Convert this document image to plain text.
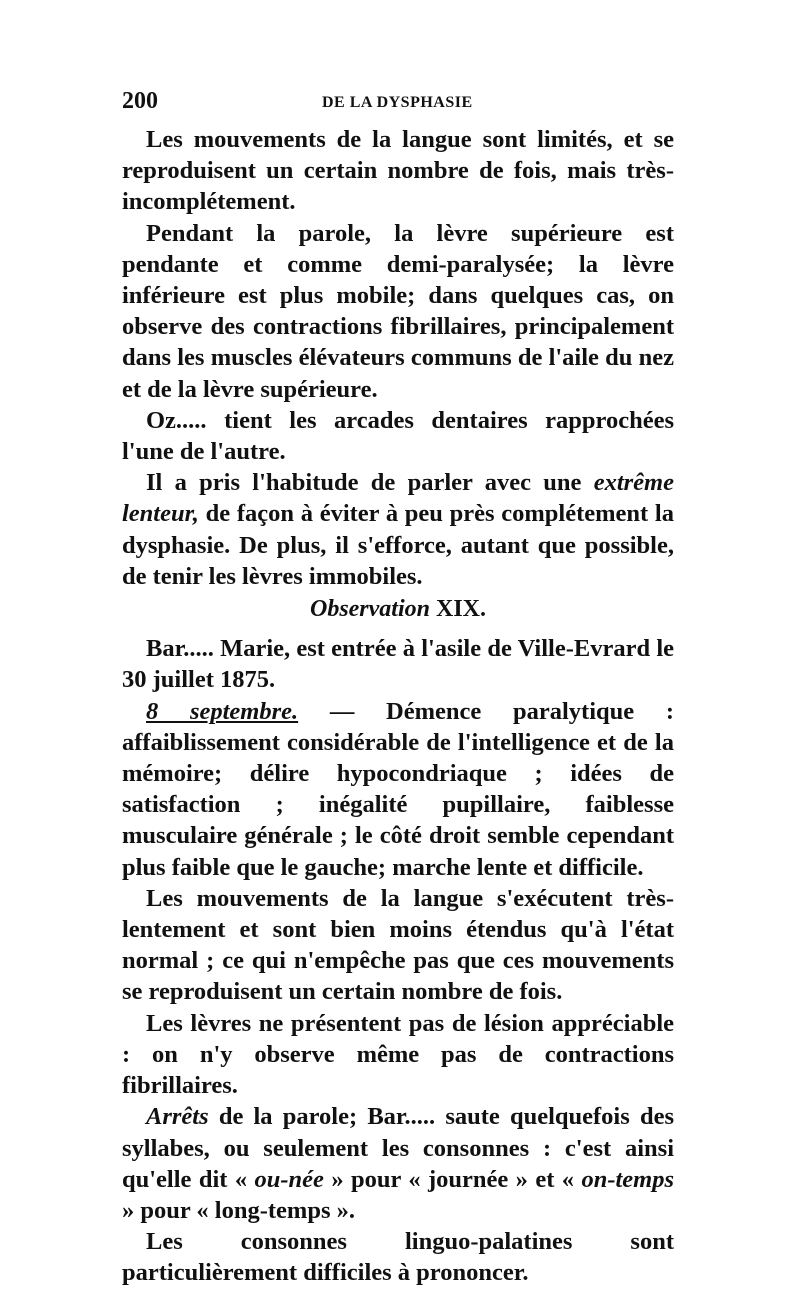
200	DE LA DYSPHASIE

Les mouvements de la langue sont limités, et se reproduisent un certain nombre de fois, mais très-incomplétement.

Pendant la parole, la lèvre supérieure est pendante et comme demi-paralysée; la lèvre inférieure est plus mobile; dans quelques cas, on observe des contractions fibrillaires, principalement dans les muscles élévateurs communs de l'aile du nez et de la lèvre supérieure.

Oz..... tient les arcades dentaires rapprochées l'une de l'autre.

Il a pris l'habitude de parler avec une extrême lenteur, de façon à éviter à peu près complétement la dysphasie. De plus, il s'efforce, autant que possible, de tenir les lèvres immobiles.

Observation XIX.

Bar..... Marie, est entrée à l'asile de Ville-Evrard le 30 juillet 1875.

8 septembre. — Démence paralytique : affaiblissement considérable de l'intelligence et de la mémoire; délire hypocondriaque ; idées de satisfaction ; inégalité pupillaire, faiblesse musculaire générale ; le côté droit semble cependant plus faible que le gauche; marche lente et difficile.

Les mouvements de la langue s'exécutent très-lentement et sont bien moins étendus qu'à l'état normal ; ce qui n'empêche pas que ces mouvements se reproduisent un certain nombre de fois.

Les lèvres ne présentent pas de lésion appréciable : on n'y observe même pas de contractions fibrillaires.

Arrêts de la parole; Bar..... saute quelquefois des syllabes, ou seulement les consonnes : c'est ainsi qu'elle dit « ou-née » pour « journée » et « on-temps » pour « long-temps ».

Les consonnes linguo-palatines sont particulièrement difficiles à prononcer.
